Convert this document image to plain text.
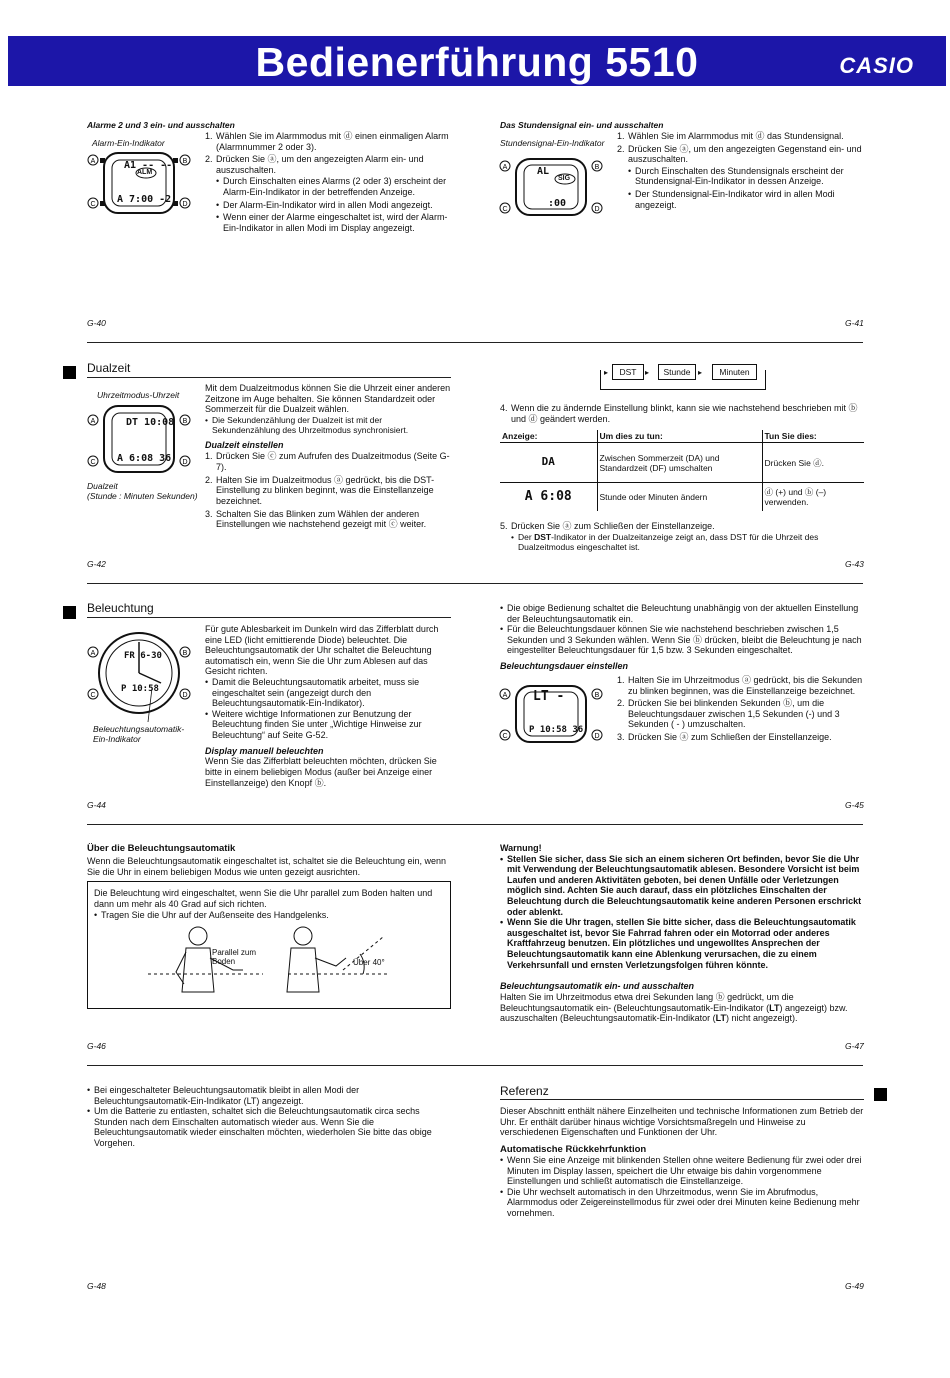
Bedienerführung 5510	CASIO
Alarme 2 und 3 ein- und ausschalten
Alarm-Ein-Indikator
A	B
C	D
A1 -- --
ALM
A 7:00 -2
1. Wählen Sie im Alarmmodus mit ⓓ einen einmaligen Alarm (Alarmnummer 2 oder 3).
2. Drücken Sie ⓐ, um den angezeigten Alarm ein- und auszuschalten.
• Durch Einschalten eines Alarms (2 oder 3) erscheint der Alarm-Ein-Indikator in der betreffenden Anzeige.
• Der Alarm-Ein-Indikator wird in allen Modi angezeigt.
• Wenn einer der Alarme eingeschaltet ist, wird der Alarm-Ein-Indikator in allen Modi im Display angezeigt.
G-40
Das Stundensignal ein- und ausschalten
Stundensignal-Ein-Indikator
A	B
C	D
AL
SIG
:00
1. Wählen Sie im Alarmmodus mit ⓓ das Stundensignal.
2. Drücken Sie ⓐ, um den angezeigten Gegenstand ein- und auszuschalten.
• Durch Einschalten des Stundensignals erscheint der Stundensignal-Ein-Indikator in dessen Anzeige.
• Der Stundensignal-Ein-Indikator wird in allen Modi angezeigt.
G-41
Dualzeit
Uhrzeitmodus-Uhrzeit
A	B
C	D
DT 10:08
A 6:08 36
Dualzeit
(Stunde : Minuten Sekunden)
Mit dem Dualzeitmodus können Sie die Uhrzeit einer anderen Zeitzone im Auge behalten. Sie können Standardzeit oder Sommerzeit für die Dualzeit wählen.
• Die Sekundenzählung der Dualzeit ist mit der Sekundenzählung des Uhrzeitmodus synchronisiert.
Dualzeit einstellen
1. Drücken Sie ⓒ zum Aufrufen des Dualzeitmodus (Seite G-7).
2. Halten Sie im Dualzeitmodus ⓐ gedrückt, bis die DST-Einstellung zu blinken beginnt, was die Einstellanzeige bezeichnet.
3. Schalten Sie das Blinken zum Wählen der anderen Einstellungen wie nachstehend gezeigt mit ⓒ weiter.
G-42
DST	Stunde	Minuten
▸	▸
▸
4. Wenn die zu ändernde Einstellung blinkt, kann sie wie nachstehend beschrieben mit ⓑ und ⓓ geändert werden.
Anzeige:	Um dies zu tun:	Tun Sie dies:
DA	Zwischen Sommerzeit (DA) und Standardzeit (DF) umschalten	Drücken Sie ⓓ.
A 6:08	Stunde oder Minuten ändern	ⓓ (+) und ⓑ (–) verwenden.
5. Drücken Sie ⓐ zum Schließen der Einstellanzeige.
• Der DST-Indikator in der Dualzeitanzeige zeigt an, dass DST für die Uhrzeit des Dualzeitmodus eingeschaltet ist.
G-43
Beleuchtung
A	B
C	D
FR 6-30
P 10:58
Beleuchtungsautomatik-
Ein-Indikator
Für gute Ablesbarkeit im Dunkeln wird das Zifferblatt durch eine LED (licht emittierende Diode) beleuchtet. Die Beleuchtungsautomatik der Uhr schaltet die Beleuchtung automatisch ein, wenn Sie die Uhr zum Ablesen auf das Gesicht richten.
• Damit die Beleuchtungsautomatik arbeitet, muss sie eingeschaltet sein (angezeigt durch den Beleuchtungsautomatik-Ein-Indikator).
• Weitere wichtige Informationen zur Benutzung der Beleuchtung finden Sie unter „Wichtige Hinweise zur Beleuchtung“ auf Seite G-52.
Display manuell beleuchten
Wenn Sie das Zifferblatt beleuchten möchten, drücken Sie bitte in einem beliebigen Modus (außer bei Anzeige einer Einstellanzeige) den Knopf ⓑ.
G-44
• Die obige Bedienung schaltet die Beleuchtung unabhängig von der aktuellen Einstellung der Beleuchtungsautomatik ein.
• Für die Beleuchtungsdauer können Sie wie nachstehend beschrieben zwischen 1,5 Sekunden und 3 Sekunden wählen. Wenn Sie ⓑ drücken, bleibt die Beleuchtung je nach eingestellter Beleuchtungsdauer für 1,5 bzw. 3 Sekunden eingeschaltet.
Beleuchtungsdauer einstellen
A	B
C	D
LT -
P 10:58 36
1. Halten Sie im Uhrzeitmodus ⓐ gedrückt, bis die Sekunden zu blinken beginnen, was die Einstellanzeige bezeichnet.
2. Drücken Sie bei blinkenden Sekunden ⓑ, um die Beleuchtungsdauer zwischen 1,5 Sekunden (-) und 3 Sekunden ( - ) umzuschalten.
3. Drücken Sie ⓐ zum Schließen der Einstellanzeige.
G-45
Über die Beleuchtungsautomatik
Wenn die Beleuchtungsautomatik eingeschaltet ist, schaltet sie die Beleuchtung ein, wenn Sie die Uhr in einem beliebigen Modus wie unten gezeigt ausrichten.
Die Beleuchtung wird eingeschaltet, wenn Sie die Uhr parallel zum Boden halten und dann um mehr als 40 Grad auf sich richten.
• Tragen Sie die Uhr auf der Außenseite des Handgelenks.
Parallel zum
Boden	Über 40°
G-46
Warnung!
• Stellen Sie sicher, dass Sie sich an einem sicheren Ort befinden, bevor Sie die Uhr mit Verwendung der Beleuchtungsautomatik ablesen. Besondere Vorsicht ist beim Laufen und anderen Aktivitäten geboten, bei denen Unfälle oder Verletzungen möglich sind. Achten Sie auch darauf, dass ein plötzliches Einschalten der Beleuchtung durch die Beleuchtungsautomatik keine anderen Personen erschrickt oder ablenkt.
• Wenn Sie die Uhr tragen, stellen Sie bitte sicher, dass die Beleuchtungsautomatik ausgeschaltet ist, bevor Sie Fahrrad fahren oder ein Motorrad oder anderes Kraftfahrzeug benutzen. Ein plötzliches und ungewolltes Ansprechen der Beleuchtungsautomatik kann eine Ablenkung verursachen, die zu einem Verkehrsunfall und ernsten Verletzungsfolgen führen könnte.
Beleuchtungsautomatik ein- und ausschalten
Halten Sie im Uhrzeitmodus etwa drei Sekunden lang ⓑ gedrückt, um die Beleuchtungsautomatik ein- (Beleuchtungsautomatik-Ein-Indikator (LT) angezeigt) bzw. auszuschalten (Beleuchtungsautomatik-Ein-Indikator (LT) nicht angezeigt).
G-47
• Bei eingeschalteter Beleuchtungsautomatik bleibt in allen Modi der Beleuchtungsautomatik-Ein-Indikator (LT) angezeigt.
• Um die Batterie zu entlasten, schaltet sich die Beleuchtungsautomatik circa sechs Stunden nach dem Einschalten automatisch wieder aus. Wenn Sie die Beleuchtungsautomatik wieder einschalten möchten, wiederholen Sie bitte das obige Vorgehen.
G-48
Referenz
Dieser Abschnitt enthält nähere Einzelheiten und technische Informationen zum Betrieb der Uhr. Er enthält darüber hinaus wichtige Vorsichtsmaßregeln und Hinweise zu verschiedenen Eigenschaften und Funktionen der Uhr.
Automatische Rückkehrfunktion
• Wenn Sie eine Anzeige mit blinkenden Stellen ohne weitere Bedienung für zwei oder drei Minuten im Display lassen, speichert die Uhr etwaige bis dahin vorgenommene Einstellungen und schließt automatisch die Einstellanzeige.
• Die Uhr wechselt automatisch in den Uhrzeitmodus, wenn Sie im Abrufmodus, Alarmmodus oder Zeigereinstellmodus für zwei oder drei Minuten keine Bedienung mehr vornehmen.
G-49
